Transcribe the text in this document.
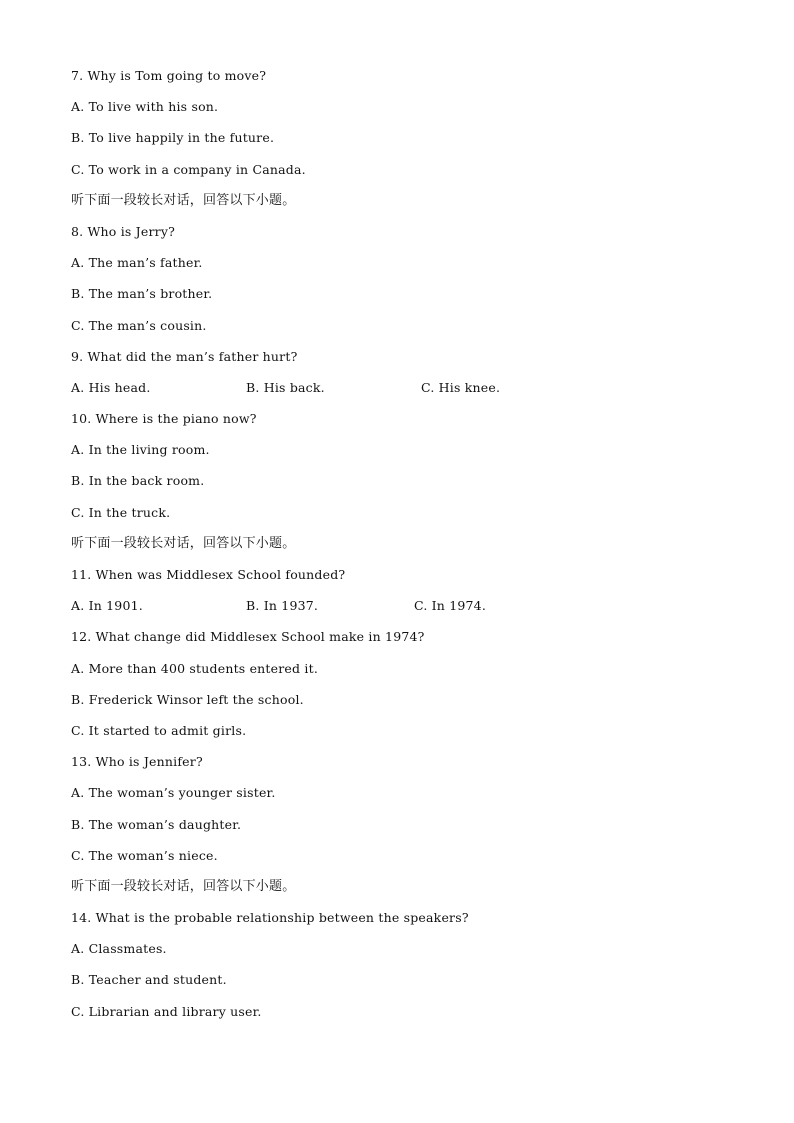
7. Why is Tom going to move?
A. To live with his son.
B. To live happily in the future.
C. To work in a company in Canada.
听下面一段较长对话，回答以下小题。
8. Who is Jerry?
A. The man’s father.
B. The man’s brother.
C. The man’s cousin.
9. What did the man’s father hurt?

A. His head.

	B. His back.

	C. His knee.

10. Where is the piano now?
A. In the living room.
B. In the back room.
C. In the truck.
听下面一段较长对话，回答以下小题。
11. When was Middlesex School founded?

A. In 1901.

	B. In 1937.

	C. In 1974.

12. What change did Middlesex School make in 1974?
A. More than 400 students entered it.
B. Frederick Winsor left the school.
C. It started to admit girls.
13. Who is Jennifer?
A. The woman’s younger sister.
B. The woman’s daughter.
C. The woman’s niece.
听下面一段较长对话，回答以下小题。
14. What is the probable relationship between the speakers?
A. Classmates.
B. Teacher and student.
C. Librarian and library user.
